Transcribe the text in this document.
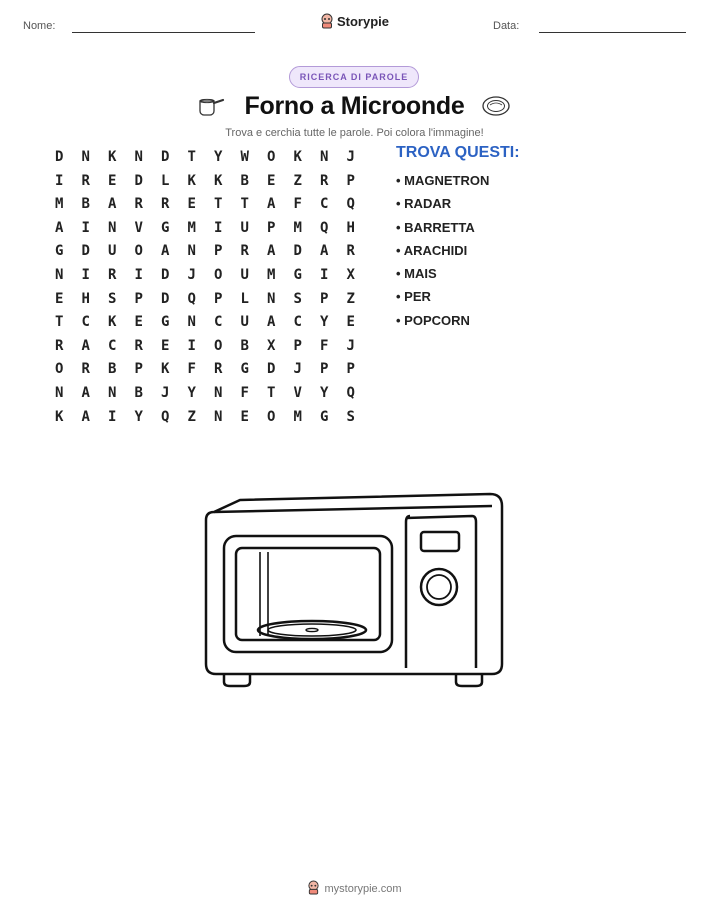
Nome:	Storypie	Data:
RICERCA DI PAROLE
Forno a Microonde
Trova e cerchia tutte le parole. Poi colora l'immagine!
D	N	K	N	D	T	Y	W	O	K	N	J
I	R	E	D	L	K	K	B	E	Z	R	P
M	B	A	R	R	E	T	T	A	F	C	Q
A	I	N	V	G	M	I	U	P	M	Q	H
G	D	U	O	A	N	P	R	A	D	A	R
N	I	R	I	D	J	O	U	M	G	I	X
E	H	S	P	D	Q	P	L	N	S	P	Z
T	C	K	E	G	N	C	U	A	C	Y	E
R	A	C	R	E	I	O	B	X	P	F	J
O	R	B	P	K	F	R	G	D	J	P	P
N	A	N	B	J	Y	N	F	T	V	Y	Q
K	A	I	Y	Q	Z	N	E	O	M	G	S
TROVA QUESTI:
• MAGNETRON
• RADAR
• BARRETTA
• ARACHIDI
• MAIS
• PER
• POPCORN
mystorypie.com
